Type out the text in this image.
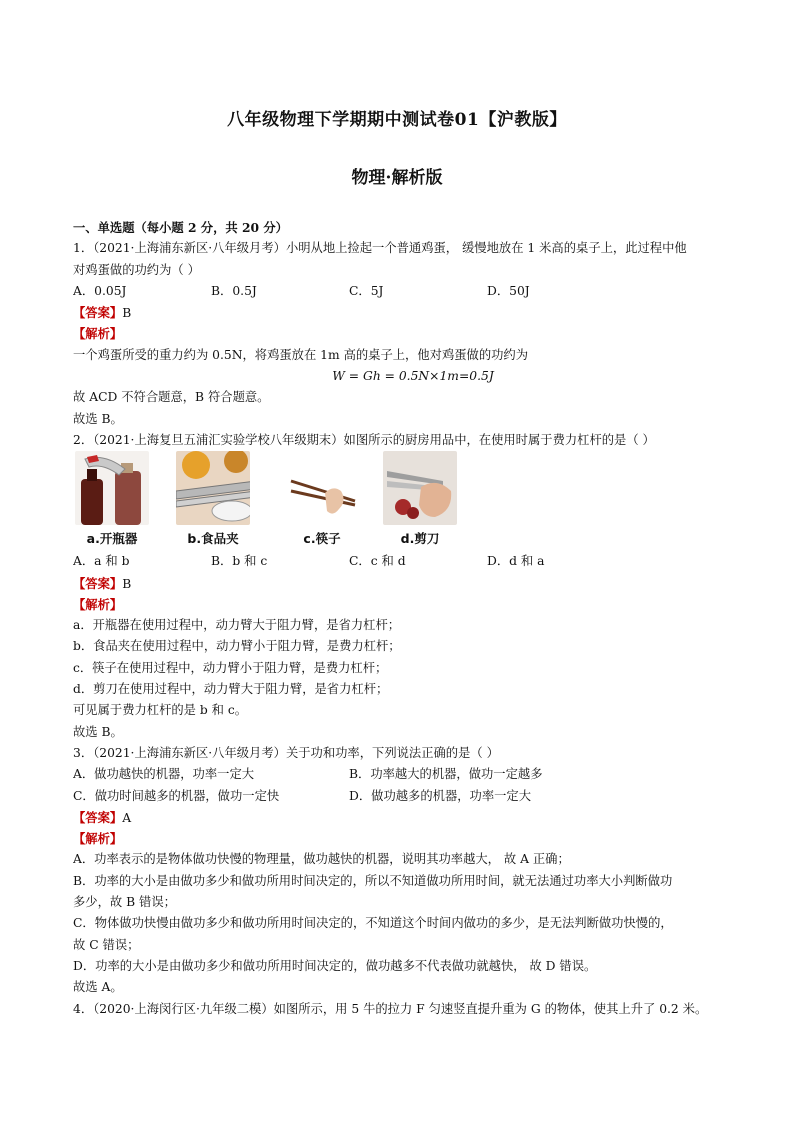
八年级物理下学期期中测试卷01【沪教版】
物理·解析版
一、单选题（每小题 2 分，共 20 分）
1．（2021·上海浦东新区·八年级月考）小明从地上捡起一个普通鸡蛋， 缓慢地放在 1 米高的桌子上，此过程中他
对鸡蛋做的功约为（ ）
A．0.05J	B．0.5J	C．5J	D．50J
【答案】B
【解析】
一个鸡蛋所受的重力约为 0.5N，将鸡蛋放在 1m 高的桌子上，他对鸡蛋做的功约为
W = Gh = 0.5N×1m=0.5J
故 ACD 不符合题意，B 符合题意。
故选 B。
2．（2021·上海复旦五浦汇实验学校八年级期末）如图所示的厨房用品中，在使用时属于费力杠杆的是（ ）
a.开瓶器	b.食品夹	c.筷子	d.剪刀
A．a 和 b	B．b 和 c	C．c 和 d	D．d 和 a
【答案】B
【解析】
a．开瓶器在使用过程中，动力臂大于阻力臂，是省力杠杆；
b．食品夹在使用过程中，动力臂小于阻力臂，是费力杠杆；
c．筷子在使用过程中，动力臂小于阻力臂，是费力杠杆；
d．剪刀在使用过程中，动力臂大于阻力臂，是省力杠杆；
可见属于费力杠杆的是 b 和 c。
故选 B。
3．（2021·上海浦东新区·八年级月考）关于功和功率，下列说法正确的是（ ）
A．做功越快的机器，功率一定大	B．功率越大的机器，做功一定越多
C．做功时间越多的机器，做功一定快	D．做功越多的机器，功率一定大
【答案】A
【解析】
A．功率表示的是物体做功快慢的物理量，做功越快的机器，说明其功率越大， 故 A 正确；
B．功率的大小是由做功多少和做功所用时间决定的，所以不知道做功所用时间，就无法通过功率大小判断做功
多少，故 B 错误；
C．物体做功快慢由做功多少和做功所用时间决定的，不知道这个时间内做功的多少，是无法判断做功快慢的，
故 C 错误；
D．功率的大小是由做功多少和做功所用时间决定的，做功越多不代表做功就越快， 故 D 错误。
故选 A。
4．（2020·上海闵行区·九年级二模）如图所示，用 5 牛的拉力 F 匀速竖直提升重为 G 的物体，使其上升了 0.2 米。
